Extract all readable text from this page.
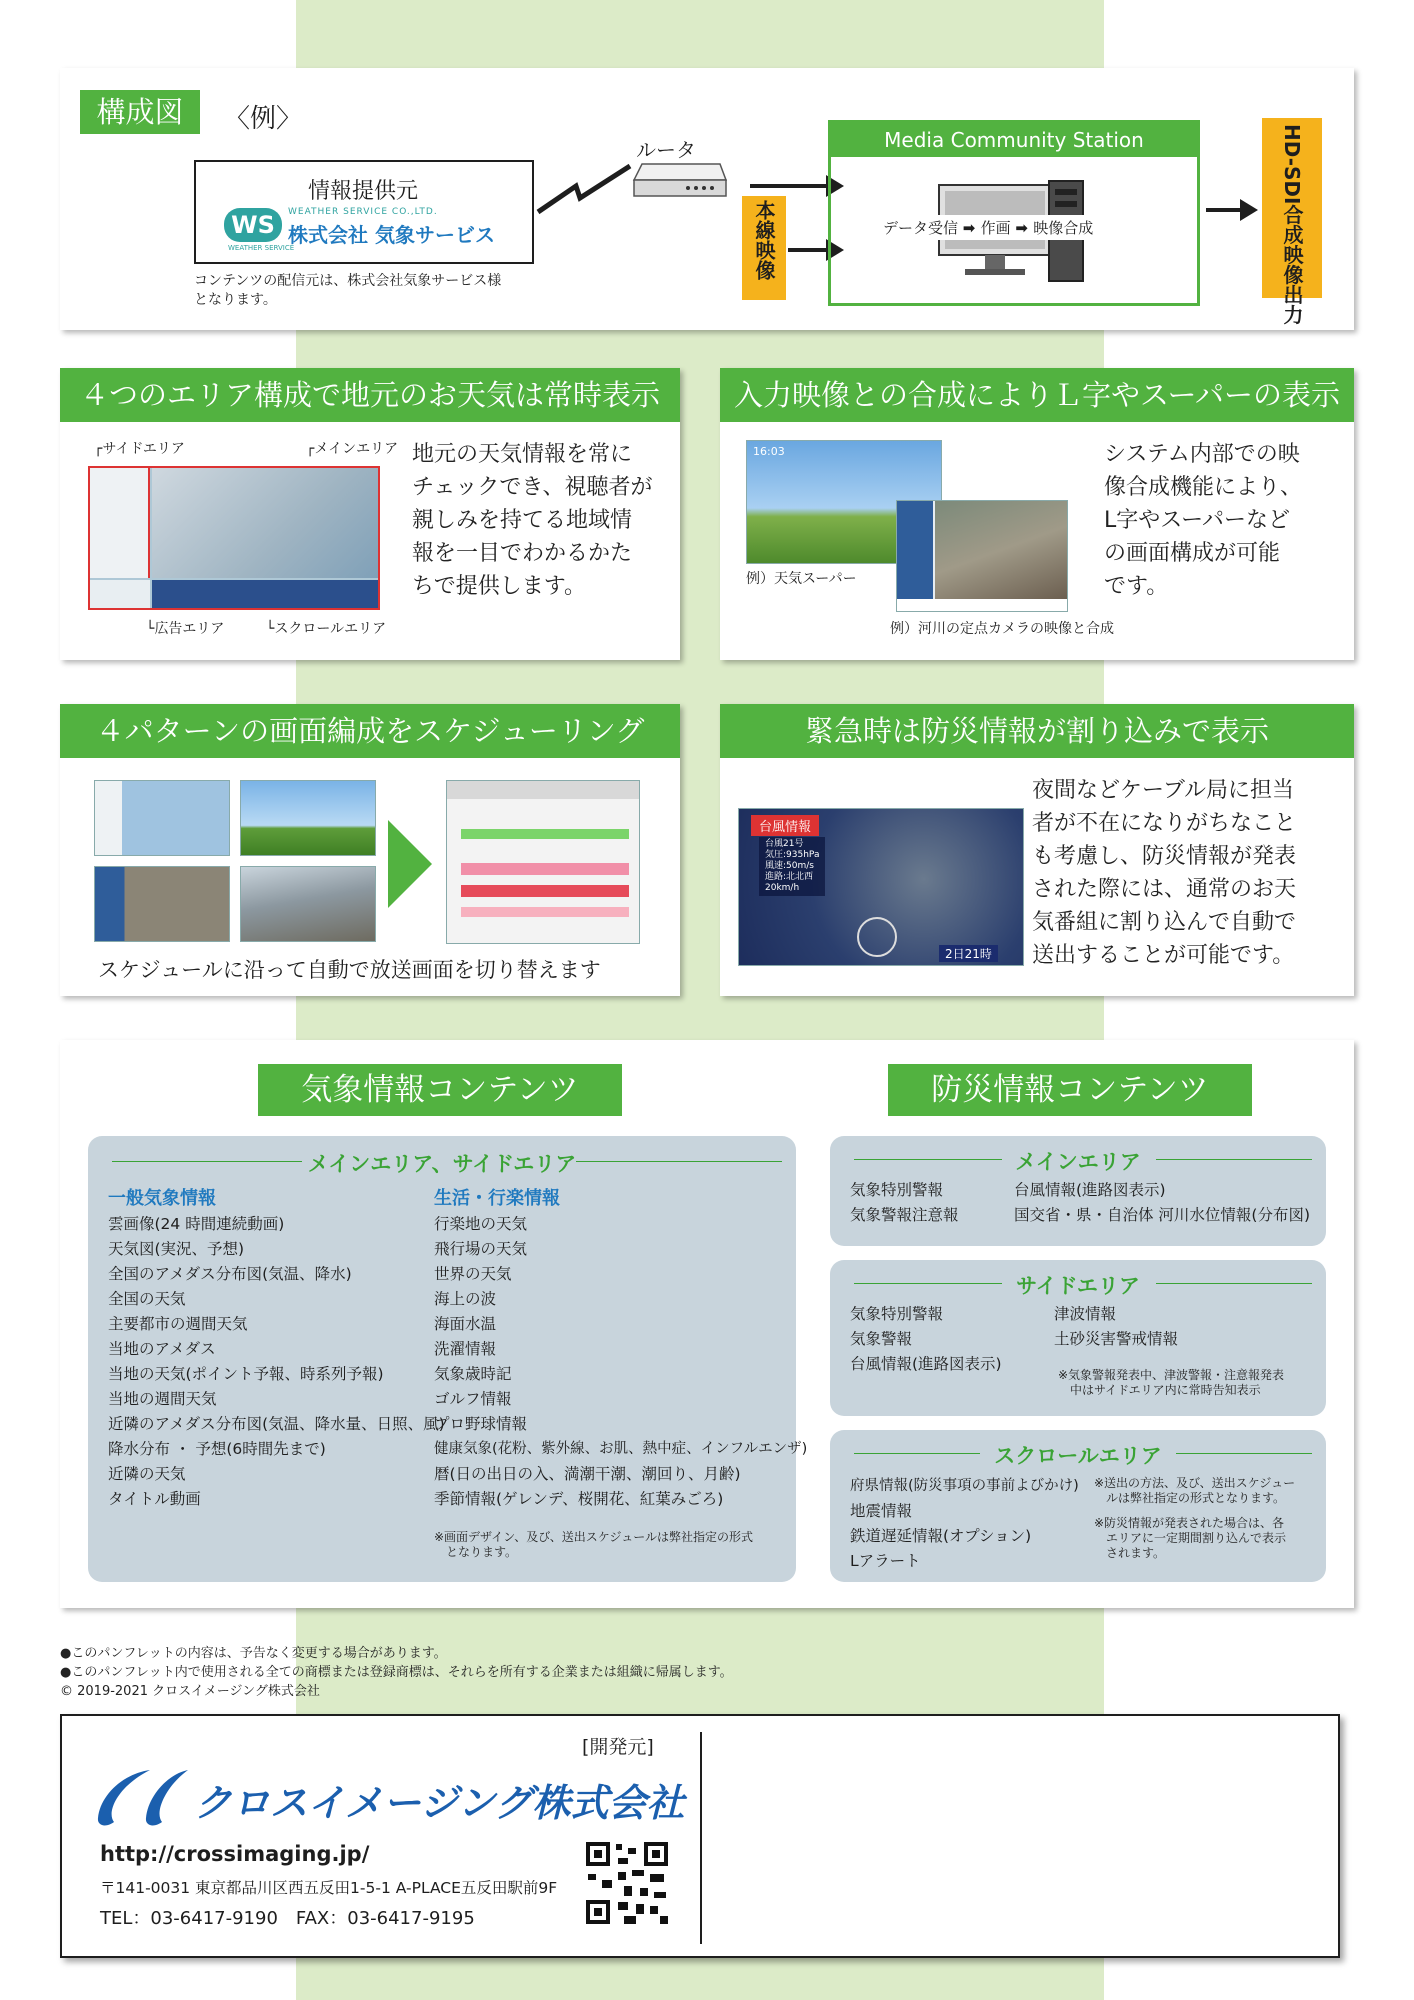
構成図	〈例〉
情報提供元
WS	WEATHER SERVICE CO.,LTD.
株式会社 気象サービス
WEATHER SERVICE
コンテンツの配信元は、株式会社気象サービス様
となります。
ルータ
本線映像
Media Community Station
データ受信 ➡ 作画 ➡ 映像合成	HD-SDI合成映像出力
４つのエリア構成で地元のお天気は常時表示
┌サイドエリア	┌メインエリア
└広告エリア	└スクロールエリア
地元の天気情報を常に
チェックでき、視聴者が
親しみを持てる地域情
報を一目でわかるかた
ちで提供します。
入力映像との合成によりＬ字やスーパーの表示
16:03
例）天気スーパー
例）河川の定点カメラの映像と合成
システム内部での映
像合成機能により、
L字やスーパーなど
の画面構成が可能
です。
４パターンの画面編成をスケジューリング
スケジュールに沿って自動で放送画面を切り替えます
緊急時は防災情報が割り込みで表示
台風情報
台風21号
気圧:935hPa
風速:50m/s
進路:北北西
20km/h
2日21時
夜間などケーブル局に担当
者が不在になりがちなこと
も考慮し、防災情報が発表
された際には、通常のお天
気番組に割り込んで自動で
送出することが可能です。
気象情報コンテンツ	防災情報コンテンツ
メインエリア、サイドエリア
一般気象情報
雲画像(24 時間連続動画)
天気図(実況、予想)
全国のアメダス分布図(気温、降水)
全国の天気
主要都市の週間天気
当地のアメダス
当地の天気(ポイント予報、時系列予報)
当地の週間天気
近隣のアメダス分布図(気温、降水量、日照、風)
降水分布 ・ 予想(6時間先まで)
近隣の天気
タイトル動画
生活・行楽情報
行楽地の天気
飛行場の天気
世界の天気
海上の波
海面水温
洗濯情報
気象歳時記
ゴルフ情報
プロ野球情報
健康気象(花粉、紫外線、お肌、熱中症、インフルエンザ)
暦(日の出日の入、満潮干潮、潮回り、月齢)
季節情報(ゲレンデ、桜開花、紅葉みごろ)
※画面デザイン、及び、送出スケジュールは弊社指定の形式
となります。
メインエリア
気象特別警報
気象警報注意報
台風情報(進路図表示)
国交省・県・自治体 河川水位情報(分布図)
サイドエリア
気象特別警報
気象警報
台風情報(進路図表示)
津波情報
土砂災害警戒情報
※気象警報発表中、津波警報・注意報発表
中はサイドエリア内に常時告知表示
スクロールエリア
府県情報(防災事項の事前よびかけ)
地震情報
鉄道遅延情報(オプション)
Lアラート
※送出の方法、及び、送出スケジュー
ルは弊社指定の形式となります。
※防災情報が発表された場合は、各
エリアに一定期間割り込んで表示
されます。
●このパンフレットの内容は、予告なく変更する場合があります。
●このパンフレット内で使用される全ての商標または登録商標は、それらを所有する企業または組織に帰属します。
© 2019-2021 クロスイメージング株式会社
[開発元]
クロスイメージング株式会社
http://crossimaging.jp/
〒141-0031 東京都品川区西五反田1-5-1 A-PLACE五反田駅前9F
TEL：03-6417-9190　FAX：03-6417-9195
